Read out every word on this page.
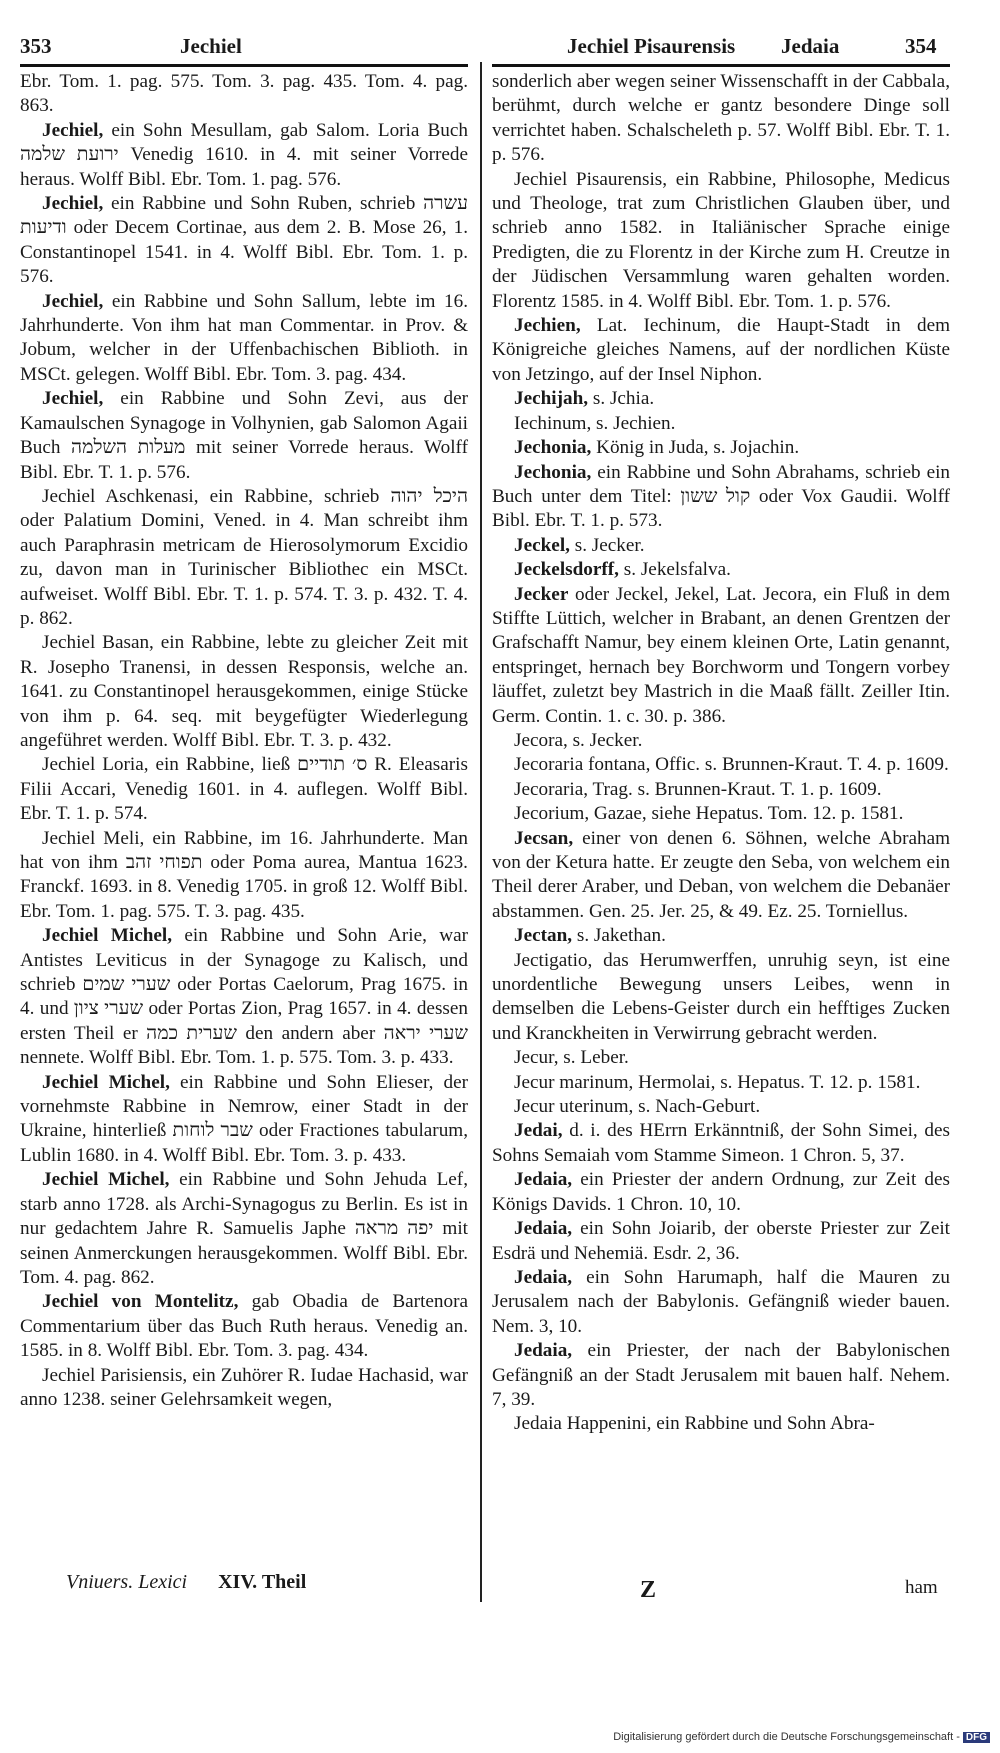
353	Jechiel	Jechiel Pisaurensis Jedaia	354

Ebr. Tom. 1. pag. 575. Tom. 3. pag. 435. Tom. 4. pag. 863.

Jechiel, ein Sohn Mesullam, gab Salom. Loria Buch ירועת שלמה Venedig 1610. in 4. mit seiner Vorrede heraus. Wolff Bibl. Ebr. Tom. 1. pag. 576.

Jechiel, ein Rabbine und Sohn Ruben, schrieb עשרה ודיעות oder Decem Cortinae, aus dem 2. B. Mose 26, 1. Constantinopel 1541. in 4. Wolff Bibl. Ebr. Tom. 1. p. 576.

Jechiel, ein Rabbine und Sohn Sallum, lebte im 16. Jahrhunderte. Von ihm hat man Commentar. in Prov. & Jobum, welcher in der Uffenbachischen Biblioth. in MSCt. gelegen. Wolff Bibl. Ebr. Tom. 3. pag. 434.

Jechiel, ein Rabbine und Sohn Zevi, aus der Kamaulschen Synagoge in Volhynien, gab Salomon Agaii Buch מעלות השלמה mit seiner Vorrede heraus. Wolff Bibl. Ebr. T. 1. p. 576.

Jechiel Aschkenasi, ein Rabbine, schrieb היכל יהוה oder Palatium Domini, Vened. in 4. Man schreibt ihm auch Paraphrasin metricam de Hierosolymorum Excidio zu, davon man in Turinischer Bibliothec ein MSCt. aufweiset. Wolff Bibl. Ebr. T. 1. p. 574. T. 3. p. 432. T. 4. p. 862.

Jechiel Basan, ein Rabbine, lebte zu gleicher Zeit mit R. Josepho Tranensi, in dessen Responsis, welche an. 1641. zu Constantinopel herausgekommen, einige Stücke von ihm p. 64. seq. mit beygefügter Wiederlegung angeführet werden. Wolff Bibl. Ebr. T. 3. p. 432.

Jechiel Loria, ein Rabbine, ließ ס׳ תודיים R. Eleasaris Filii Accari, Venedig 1601. in 4. auflegen. Wolff Bibl. Ebr. T. 1. p. 574.

Jechiel Meli, ein Rabbine, im 16. Jahrhunderte. Man hat von ihm תפוחי זהב oder Poma aurea, Mantua 1623. Franckf. 1693. in 8. Venedig 1705. in groß 12. Wolff Bibl. Ebr. Tom. 1. pag. 575. T. 3. pag. 435.

Jechiel Michel, ein Rabbine und Sohn Arie, war Antistes Leviticus in der Synagoge zu Kalisch, und schrieb שערי שמים oder Portas Caelorum, Prag 1675. in 4. und שערי ציון oder Portas Zion, Prag 1657. in 4. dessen ersten Theil er שערית כמה den andern aber שערי יראה nennete. Wolff Bibl. Ebr. Tom. 1. p. 575. Tom. 3. p. 433.

Jechiel Michel, ein Rabbine und Sohn Elieser, der vornehmste Rabbine in Nemrow, einer Stadt in der Ukraine, hinterließ שבר לוחות oder Fractiones tabularum, Lublin 1680. in 4. Wolff Bibl. Ebr. Tom. 3. p. 433.

Jechiel Michel, ein Rabbine und Sohn Jehuda Lef, starb anno 1728. als Archi-Synagogus zu Berlin. Es ist in nur gedachtem Jahre R. Samuelis Japhe יפה מראה mit seinen Anmerckungen herausgekommen. Wolff Bibl. Ebr. Tom. 4. pag. 862.

Jechiel von Montelitz, gab Obadia de Bartenora Commentarium über das Buch Ruth heraus. Venedig an. 1585. in 8. Wolff Bibl. Ebr. Tom. 3. pag. 434.

Jechiel Parisiensis, ein Zuhörer R. Iudae Hachasid, war anno 1238. seiner Gelehrsamkeit wegen,

sonderlich aber wegen seiner Wissenschafft in der Cabbala, berühmt, durch welche er gantz besondere Dinge soll verrichtet haben. Schalscheleth p. 57. Wolff Bibl. Ebr. T. 1. p. 576.

Jechiel Pisaurensis, ein Rabbine, Philosophe, Medicus und Theologe, trat zum Christlichen Glauben über, und schrieb anno 1582. in Italiänischer Sprache einige Predigten, die zu Florentz in der Kirche zum H. Creutze in der Jüdischen Versammlung waren gehalten worden. Florentz 1585. in 4. Wolff Bibl. Ebr. Tom. 1. p. 576.

Jechien, Lat. Iechinum, die Haupt-Stadt in dem Königreiche gleiches Namens, auf der nordlichen Küste von Jetzingo, auf der Insel Niphon.

Jechijah, s. Jchia.

Iechinum, s. Jechien.

Jechonia, König in Juda, s. Jojachin.

Jechonia, ein Rabbine und Sohn Abrahams, schrieb ein Buch unter dem Titel: קול ששון oder Vox Gaudii. Wolff Bibl. Ebr. T. 1. p. 573.

Jeckel, s. Jecker.

Jeckelsdorff, s. Jekelsfalva.

Jecker oder Jeckel, Jekel, Lat. Jecora, ein Fluß in dem Stiffte Lüttich, welcher in Brabant, an denen Grentzen der Grafschafft Namur, bey einem kleinen Orte, Latin genannt, entspringet, hernach bey Borchworm und Tongern vorbey läuffet, zuletzt bey Mastrich in die Maaß fällt. Zeiller Itin. Germ. Contin. 1. c. 30. p. 386.

Jecora, s. Jecker.

Jecoraria fontana, Offic. s. Brunnen-Kraut. T. 4. p. 1609.

Jecoraria, Trag. s. Brunnen-Kraut. T. 1. p. 1609.

Jecorium, Gazae, siehe Hepatus. Tom. 12. p. 1581.

Jecsan, einer von denen 6. Söhnen, welche Abraham von der Ketura hatte. Er zeugte den Seba, von welchem ein Theil derer Araber, und Deban, von welchem die Debanäer abstammen. Gen. 25. Jer. 25, & 49. Ez. 25. Torniellus.

Jectan, s. Jakethan.

Jectigatio, das Herumwerffen, unruhig seyn, ist eine unordentliche Bewegung unsers Leibes, wenn in demselben die Lebens-Geister durch ein hefftiges Zucken und Kranckheiten in Verwirrung gebracht werden.

Jecur, s. Leber.

Jecur marinum, Hermolai, s. Hepatus. T. 12. p. 1581.

Jecur uterinum, s. Nach-Geburt.

Jedai, d. i. des HErrn Erkänntniß, der Sohn Simei, des Sohns Semaiah vom Stamme Simeon. 1 Chron. 5, 37.

Jedaia, ein Priester der andern Ordnung, zur Zeit des Königs Davids. 1 Chron. 10, 10.

Jedaia, ein Sohn Joiarib, der oberste Priester zur Zeit Esdrä und Nehemiä. Esdr. 2, 36.

Jedaia, ein Sohn Harumaph, half die Mauren zu Jerusalem nach der Babylonis. Gefängniß wieder bauen. Nem. 3, 10.

Jedaia, ein Priester, der nach der Babylonischen Gefängniß an der Stadt Jerusalem mit bauen half. Nehem. 7, 39.

Jedaia Happenini, ein Rabbine und Sohn Abra-

Vniuers. Lexici XIV. Theil	Z	ham
Digitalisierung gefördert durch die Deutsche Forschungsgemeinschaft - DFG
